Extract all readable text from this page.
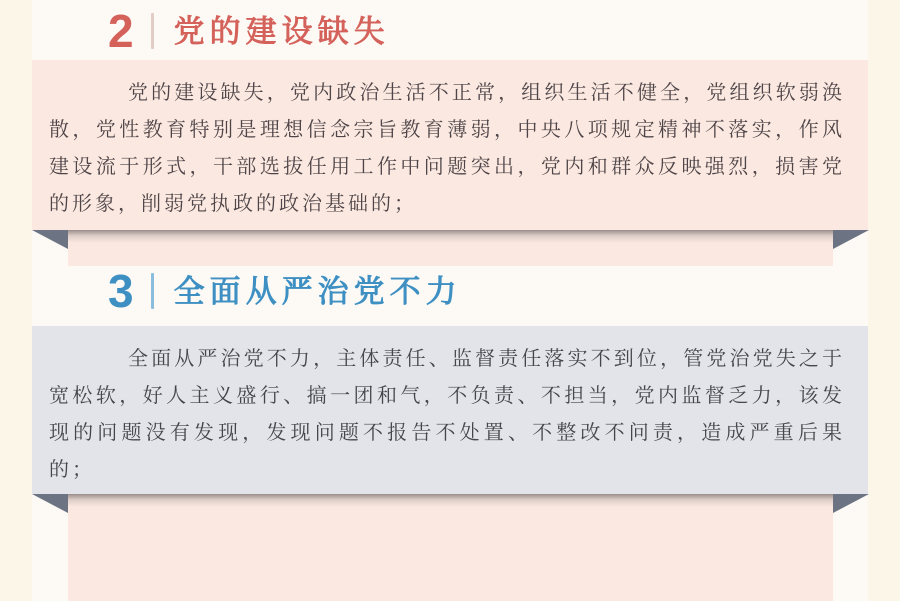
2 党的建设缺失

党的建设缺失，党内政治生活不正常，组织生活不健全，党组织软弱涣散，党性教育特别是理想信念宗旨教育薄弱，中央八项规定精神不落实，作风建设流于形式，干部选拔任用工作中问题突出，党内和群众反映强烈，损害党的形象，削弱党执政的政治基础的；

3 全面从严治党不力

全面从严治党不力，主体责任、监督责任落实不到位，管党治党失之于宽松软，好人主义盛行、搞一团和气，不负责、不担当，党内监督乏力，该发现的问题没有发现，发现问题不报告不处置、不整改不问责，造成严重后果的；
